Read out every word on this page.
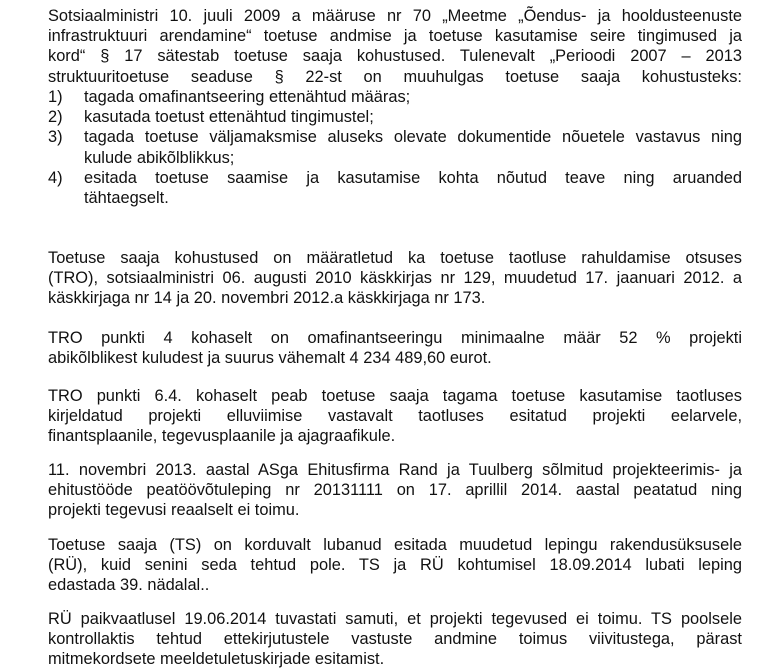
Sotsiaalministri 10. juuli 2009 a määruse nr 70 „Meetme „Õendus- ja hooldusteenuste
infrastruktuuri arendamine“ toetuse andmise ja toetuse kasutamise seire tingimused ja
kord“ § 17 sätestab toetuse saaja kohustused. Tulenevalt „Perioodi 2007 – 2013
struktuuritoetuse seaduse § 22-st on muuhulgas toetuse saaja kohustusteks:
1) tagada omafinantseering ettenähtud määras;
2) kasutada toetust ettenähtud tingimustel;
3) tagada toetuse väljamaksmise aluseks olevate dokumentide nõuetele vastavus ning
kulude abikõlblikkus;
4) esitada toetuse saamise ja kasutamise kohta nõutud teave ning aruanded
tähtaegselt.
Toetuse saaja kohustused on määratletud ka toetuse taotluse rahuldamise otsuses
(TRO), sotsiaalministri 06. augusti 2010 käskkirjas nr 129, muudetud 17. jaanuari 2012. a
käskkirjaga nr 14 ja 20. novembri 2012.a käskkirjaga nr 173.
TRO punkti 4 kohaselt on omafinantseeringu minimaalne määr 52 % projekti
abikõlblikest kuludest ja suurus vähemalt 4 234 489,60 eurot.
TRO punkti 6.4. kohaselt peab toetuse saaja tagama toetuse kasutamise taotluses
kirjeldatud projekti elluviimise vastavalt taotluses esitatud projekti eelarvele,
finantsplaanile, tegevusplaanile ja ajagraafikule.
11. novembri 2013. aastal ASga Ehitusfirma Rand ja Tuulberg sõlmitud projekteerimis- ja
ehitustööde peatöövõtuleping nr 20131111 on 17. aprillil 2014. aastal peatatud ning
projekti tegevusi reaalselt ei toimu.
Toetuse saaja (TS) on korduvalt lubanud esitada muudetud lepingu rakendusüksusele
(RÜ), kuid senini seda tehtud pole. TS ja RÜ kohtumisel 18.09.2014 lubati leping
edastada 39. nädalal..
RÜ paikvaatlusel 19.06.2014 tuvastati samuti, et projekti tegevused ei toimu. TS poolsele
kontrollaktis tehtud ettekirjutustele vastuste andmine toimus viivitustega, pärast
mitmekordsete meeldetuletuskirjade esitamist.
